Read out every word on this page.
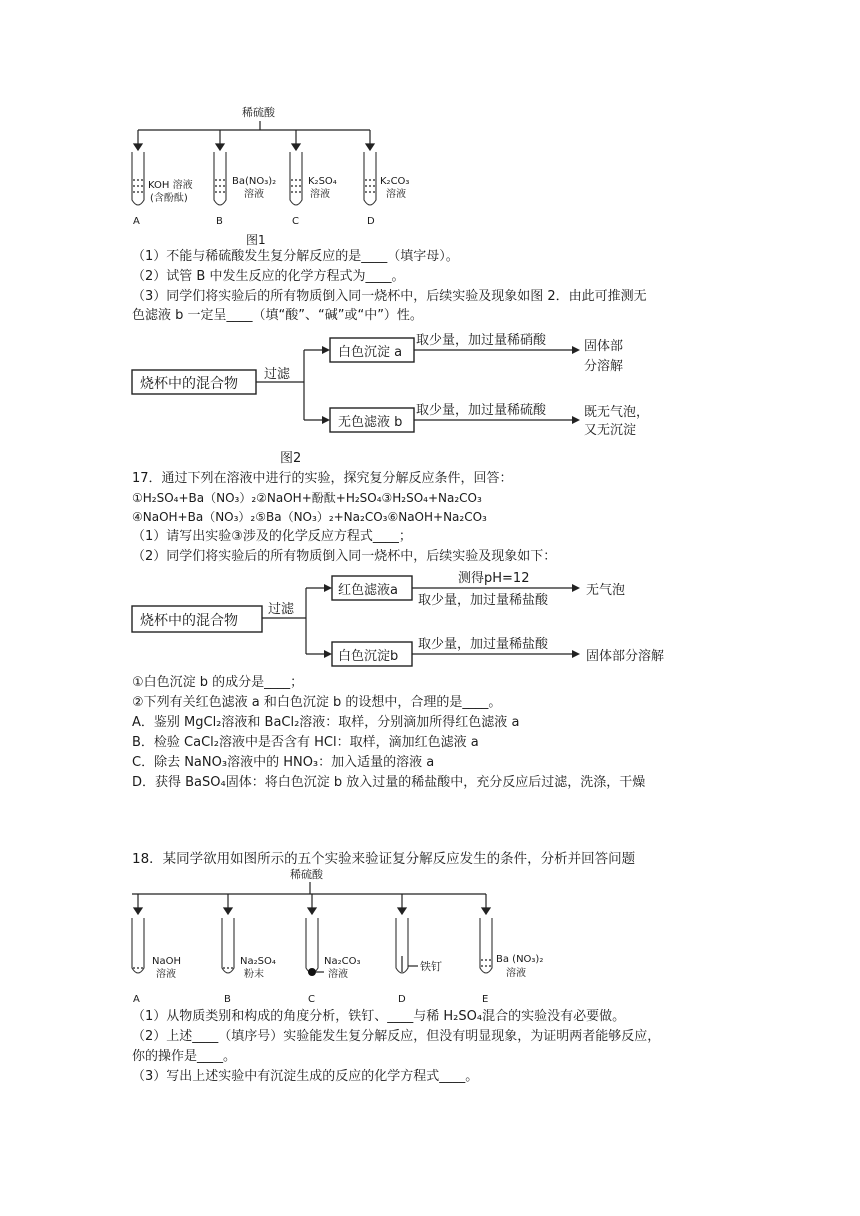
稀硫酸
KOH 溶液
(含酚酞)
A
Ba(NO₃)₂
溶液
B
K₂SO₄
溶液
C
K₂CO₃
溶液
D
图1
（1）不能与稀硫酸发生复分解反应的是____（填字母）。
（2）试管 B 中发生反应的化学方程式为____。
（3）同学们将实验后的所有物质倒入同一烧杯中，后续实验及现象如图 2．由此可推测无
色滤液 b 一定呈____（填“酸”、“碱”或“中”）性。
烧杯中的混合物
过滤
白色沉淀 a
无色滤液 b
取少量，加过量稀硝酸
取少量，加过量稀硫酸
固体部
分溶解
既无气泡，
又无沉淀
图2
17．通过下列在溶液中进行的实验，探究复分解反应条件，回答：
①H₂SO₄+Ba（NO₃）₂②NaOH+酚酞+H₂SO₄③H₂SO₄+Na₂CO₃
④NaOH+Ba（NO₃）₂⑤Ba（NO₃）₂+Na₂CO₃⑥NaOH+Na₂CO₃
（1）请写出实验③涉及的化学反应方程式____；
（2）同学们将实验后的所有物质倒入同一烧杯中，后续实验及现象如下：
烧杯中的混合物
过滤
红色滤液a
白色沉淀b
测得pH=12
取少量，加过量稀盐酸
取少量，加过量稀盐酸
无气泡
固体部分溶解
①白色沉淀 b 的成分是____；
②下列有关红色滤液 a 和白色沉淀 b 的设想中，合理的是____。
A．鉴别 MgCl₂溶液和 BaCl₂溶液：取样，分别滴加所得红色滤液 a
B．检验 CaCl₂溶液中是否含有 HCl：取样，滴加红色滤液 a
C．除去 NaNO₃溶液中的 HNO₃：加入适量的溶液 a
D．获得 BaSO₄固体：将白色沉淀 b 放入过量的稀盐酸中，充分反应后过滤，洗涤，干燥
18．某同学欲用如图所示的五个实验来验证复分解反应发生的条件，分析并回答问题
稀硫酸
NaOH
溶液
A
Na₂SO₄
粉末
B
Na₂CO₃
溶液
C
铁钉
D
Ba (NO₃)₂
溶液
E
（1）从物质类别和构成的角度分析，铁钉、____与稀 H₂SO₄混合的实验没有必要做。
（2）上述____（填序号）实验能发生复分解反应，但没有明显现象，为证明两者能够反应，
你的操作是____。
（3）写出上述实验中有沉淀生成的反应的化学方程式____。
